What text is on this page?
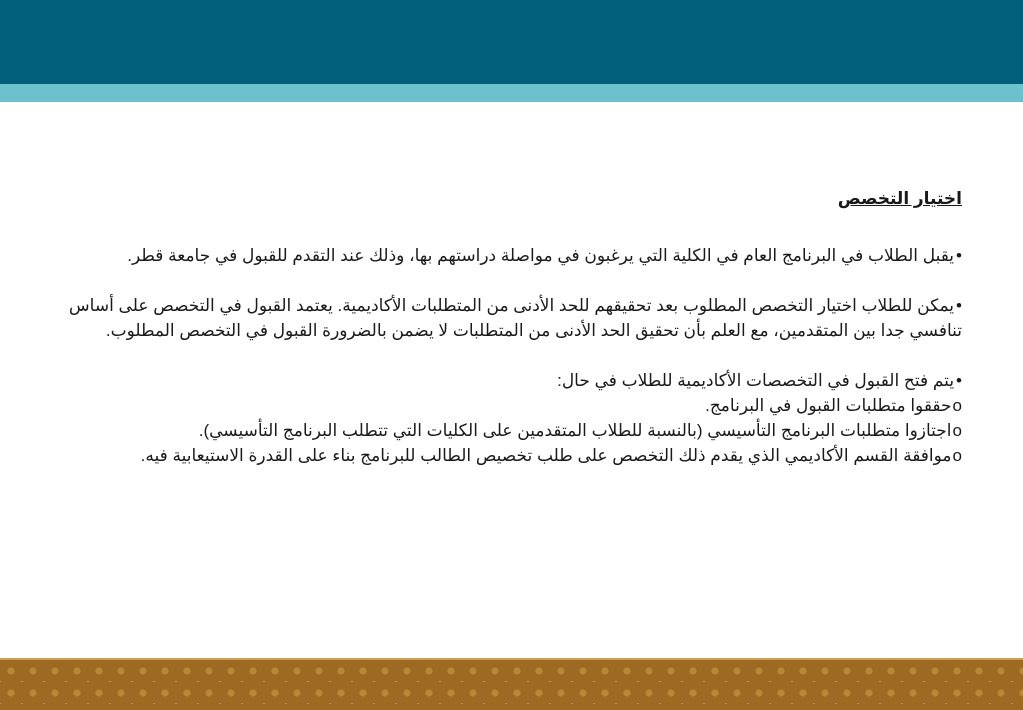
اختيار التخصص

•يقبل الطلاب في البرنامج العام في الكلية التي يرغبون في مواصلة دراستهم بها، وذلك عند التقدم للقبول في جامعة قطر.

•يمكن للطلاب اختيار التخصص المطلوب بعد تحقيقهم للحد الأدنى من المتطلبات الأكاديمية. يعتمد القبول في التخصص على أساس تنافسي جدا بين المتقدمين، مع العلم بأن تحقيق الحد الأدنى من المتطلبات لا يضمن بالضرورة القبول في التخصص المطلوب.

•يتم فتح القبول في التخصصات الأكاديمية للطلاب في حال:

oحققوا متطلبات القبول في البرنامج.
oاجتازوا متطلبات البرنامج التأسيسي (بالنسبة للطلاب المتقدمين على الكليات التي تتطلب البرنامج التأسيسي).
oموافقة القسم الأكاديمي الذي يقدم ذلك التخصص على طلب تخصيص الطالب للبرنامج بناء على القدرة الاستيعابية فيه.
